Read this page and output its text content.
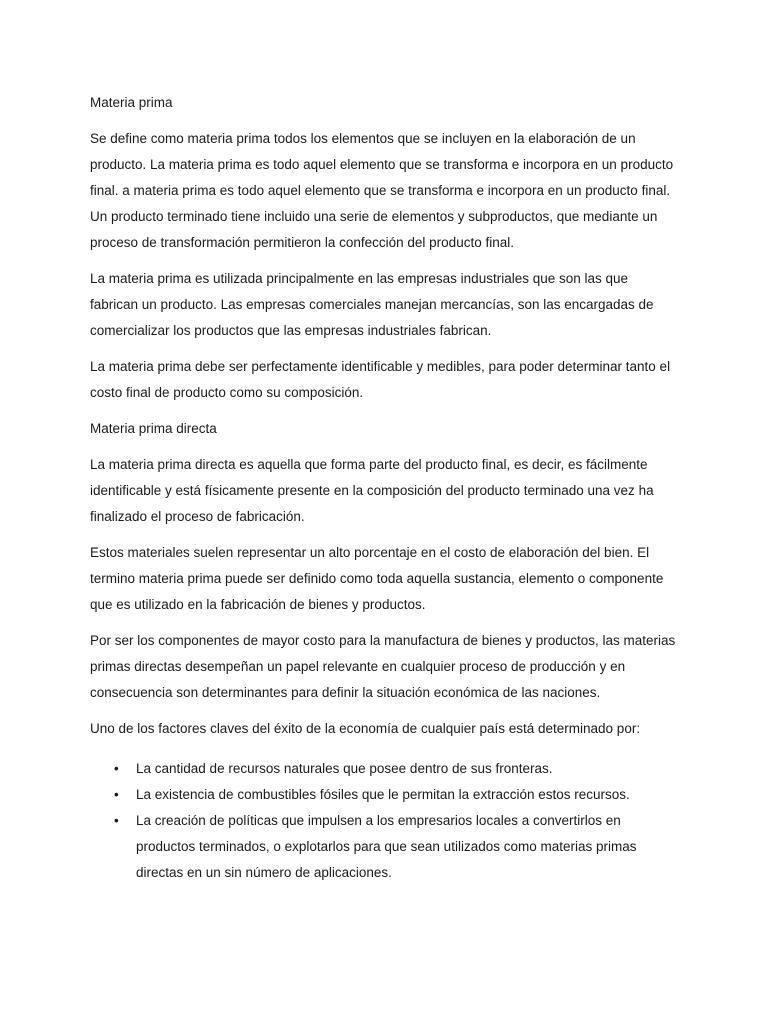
Materia prima

Se define como materia prima todos los elementos que se incluyen en la elaboración de un producto. La materia prima es todo aquel elemento que se transforma e incorpora en un producto final. a materia prima es todo aquel elemento que se transforma e incorpora en un producto final. Un producto terminado tiene incluido una serie de elementos y subproductos, que mediante un proceso de transformación permitieron la confección del producto final.

La materia prima es utilizada principalmente en las empresas industriales que son las que fabrican un producto. Las empresas comerciales manejan mercancías, son las encargadas de comercializar los productos que las empresas industriales fabrican.

La materia prima debe ser perfectamente identificable y medibles, para poder determinar tanto el costo final de producto como su composición.

Materia prima directa

La materia prima directa es aquella que forma parte del producto final, es decir, es fácilmente identificable y está físicamente presente en la composición del producto terminado una vez ha finalizado el proceso de fabricación.

Estos materiales suelen representar un alto porcentaje en el costo de elaboración del bien. El termino materia prima puede ser definido como toda aquella sustancia, elemento o componente que es utilizado en la fabricación de bienes y productos.

Por ser los componentes de mayor costo para la manufactura de bienes y productos, las materias primas directas desempeñan un papel relevante en cualquier proceso de producción y en consecuencia son determinantes para definir la situación económica de las naciones.

Uno de los factores claves del éxito de la economía de cualquier país está determinado por:

• La cantidad de recursos naturales que posee dentro de sus fronteras.
• La existencia de combustibles fósiles que le permitan la extracción estos recursos.
• La creación de políticas que impulsen a los empresarios locales a convertirlos en productos terminados, o explotarlos para que sean utilizados como materias primas directas en un sin número de aplicaciones.
